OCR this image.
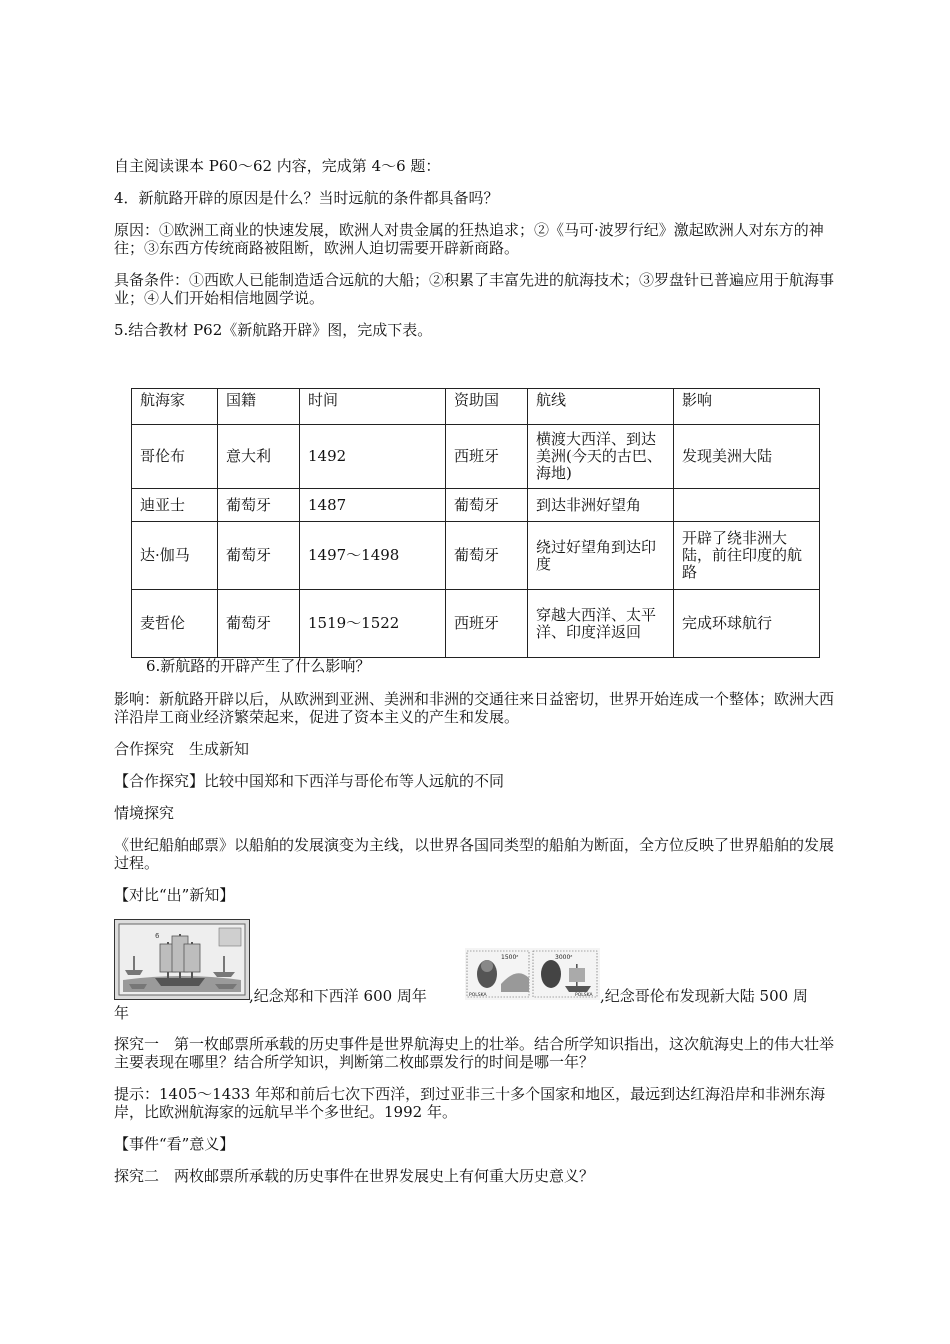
自主阅读课本 P60～62 内容，完成第 4～6 题：

4．新航路开辟的原因是什么？当时远航的条件都具备吗？

原因：①欧洲工商业的快速发展，欧洲人对贵金属的狂热追求；②《马可·波罗行纪》激起欧洲人对东方的神往；③东西方传统商路被阻断，欧洲人迫切需要开辟新商路。

具备条件：①西欧人已能制造适合远航的大船；②积累了丰富先进的航海技术；③罗盘针已普遍应用于航海事业；④人们开始相信地圆学说。

5.结合教材 P62《新航路开辟》图，完成下表。

航海家	国籍	时间	资助国	航线	影响
哥伦布	意大利	1492	西班牙	横渡大西洋、到达美洲(今天的古巴、海地)	发现美洲大陆
迪亚士	葡萄牙	1487	葡萄牙	到达非洲好望角	
达·伽马	葡萄牙	1497～1498	葡萄牙	绕过好望角到达印度	开辟了绕非洲大陆，前往印度的航路
麦哲伦	葡萄牙	1519～1522	西班牙	穿越大西洋、太平洋、印度洋返回	完成环球航行

6.新航路的开辟产生了什么影响？

影响：新航路开辟以后，从欧洲到亚洲、美洲和非洲的交通往来日益密切，世界开始连成一个整体；欧洲大西洋沿岸工商业经济繁荣起来，促进了资本主义的产生和发展。

合作探究　生成新知

【合作探究】比较中国郑和下西洋与哥伦布等人远航的不同

情境探究

《世纪船舶邮票》以船舶的发展演变为主线，以世界各国同类型的船舶为断面，全方位反映了世界船舶的发展过程。

【对比“出”新知】

6
,纪念郑和下西洋 600 周年
1500ᶻ	3000ᶻ
POLSKA	POLSKA ,纪念哥伦布发现新大陆 500 周
年

探究一　第一枚邮票所承载的历史事件是世界航海史上的壮举。结合所学知识指出，这次航海史上的伟大壮举主要表现在哪里？结合所学知识，判断第二枚邮票发行的时间是哪一年？

提示：1405～1433 年郑和前后七次下西洋，到过亚非三十多个国家和地区，最远到达红海沿岸和非洲东海岸，比欧洲航海家的远航早半个多世纪。1992 年。

【事件“看”意义】

探究二　两枚邮票所承载的历史事件在世界发展史上有何重大历史意义？
